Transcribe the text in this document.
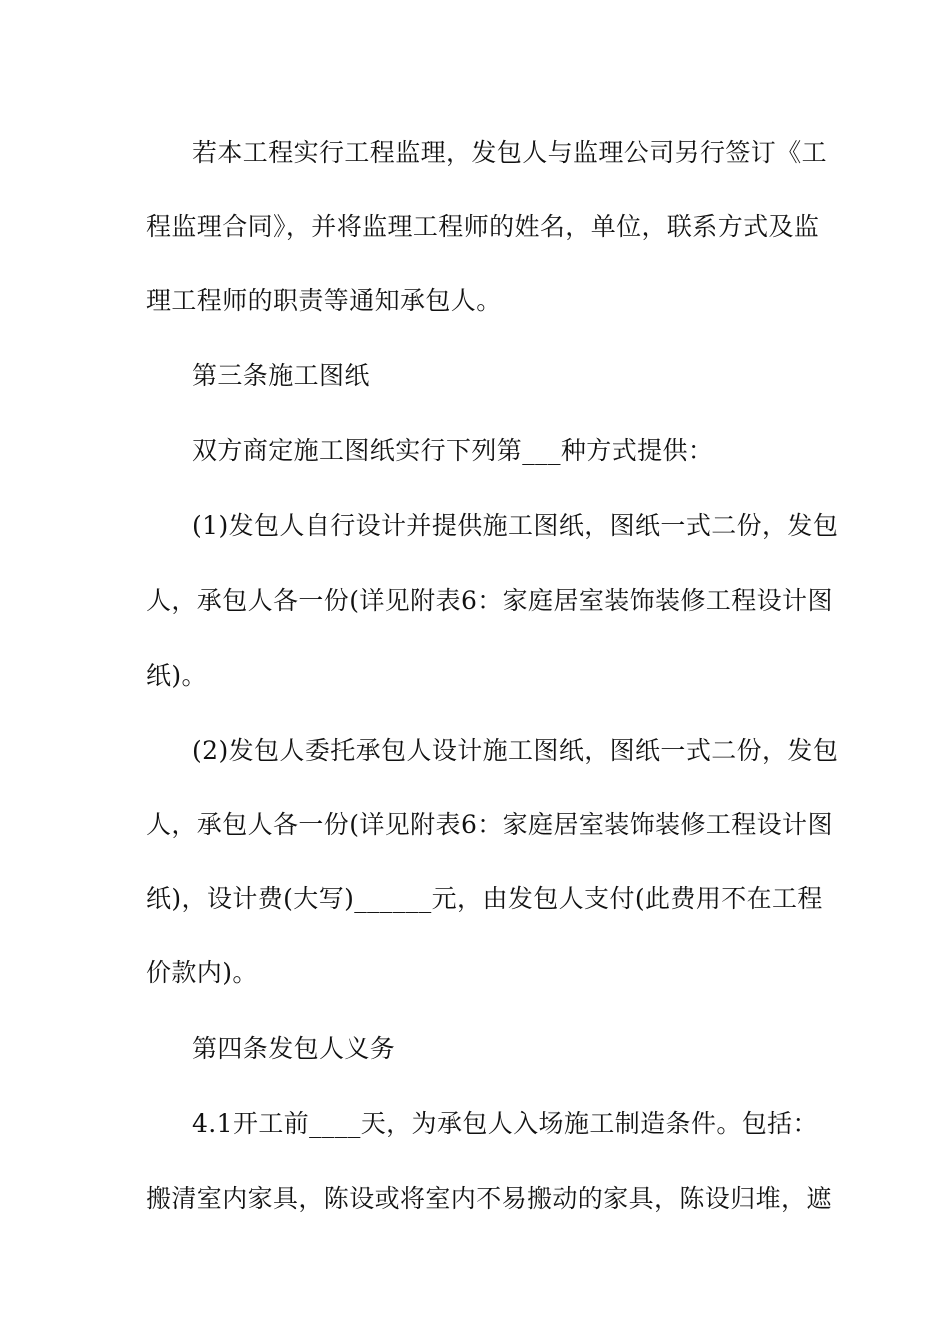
若本工程实行工程监理，发包人与监理公司另行签订《工
程监理合同》，并将监理工程师的姓名，单位，联系方式及监
理工程师的职责等通知承包人。
第三条施工图纸
双方商定施工图纸实行下列第___种方式提供：
(1)发包人自行设计并提供施工图纸，图纸一式二份，发包
人，承包人各一份(详见附表6：家庭居室装饰装修工程设计图
纸)。
(2)发包人委托承包人设计施工图纸，图纸一式二份，发包
人，承包人各一份(详见附表6：家庭居室装饰装修工程设计图
纸)，设计费(大写)______元，由发包人支付(此费用不在工程
价款内)。
第四条发包人义务
4.1开工前____天，为承包人入场施工制造条件。包括：
搬清室内家具，陈设或将室内不易搬动的家具，陈设归堆，遮
